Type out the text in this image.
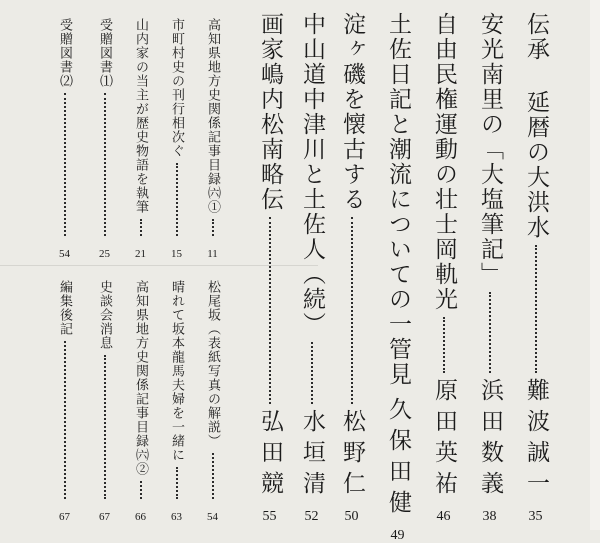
伝承 延暦の大洪水
難波誠一
35
安光南里の「大塩筆記」
浜田数義
38
自由民権運動の壮士岡軌光
原田英祐
46
土佐日記と潮流についての一管見
久保田健
49
淀ヶ磯を懐古する
松野仁
50
中山道中津川と土佐人（続）
水垣清
52
画家嶋内松南略伝
弘田競
55
高知県地方史関係記事目録㈥①
11
市町村史の刊行相次ぐ
15
山内家の当主が歴史物語を執筆
21
受贈図書⑴
25
受贈図書⑵
54
松尾坂（表紙写真の解説）
54
晴れて坂本龍馬夫婦を一緒に
63
高知県地方史関係記事目録㈥②
66
史談会消息
67
編集後記
67
